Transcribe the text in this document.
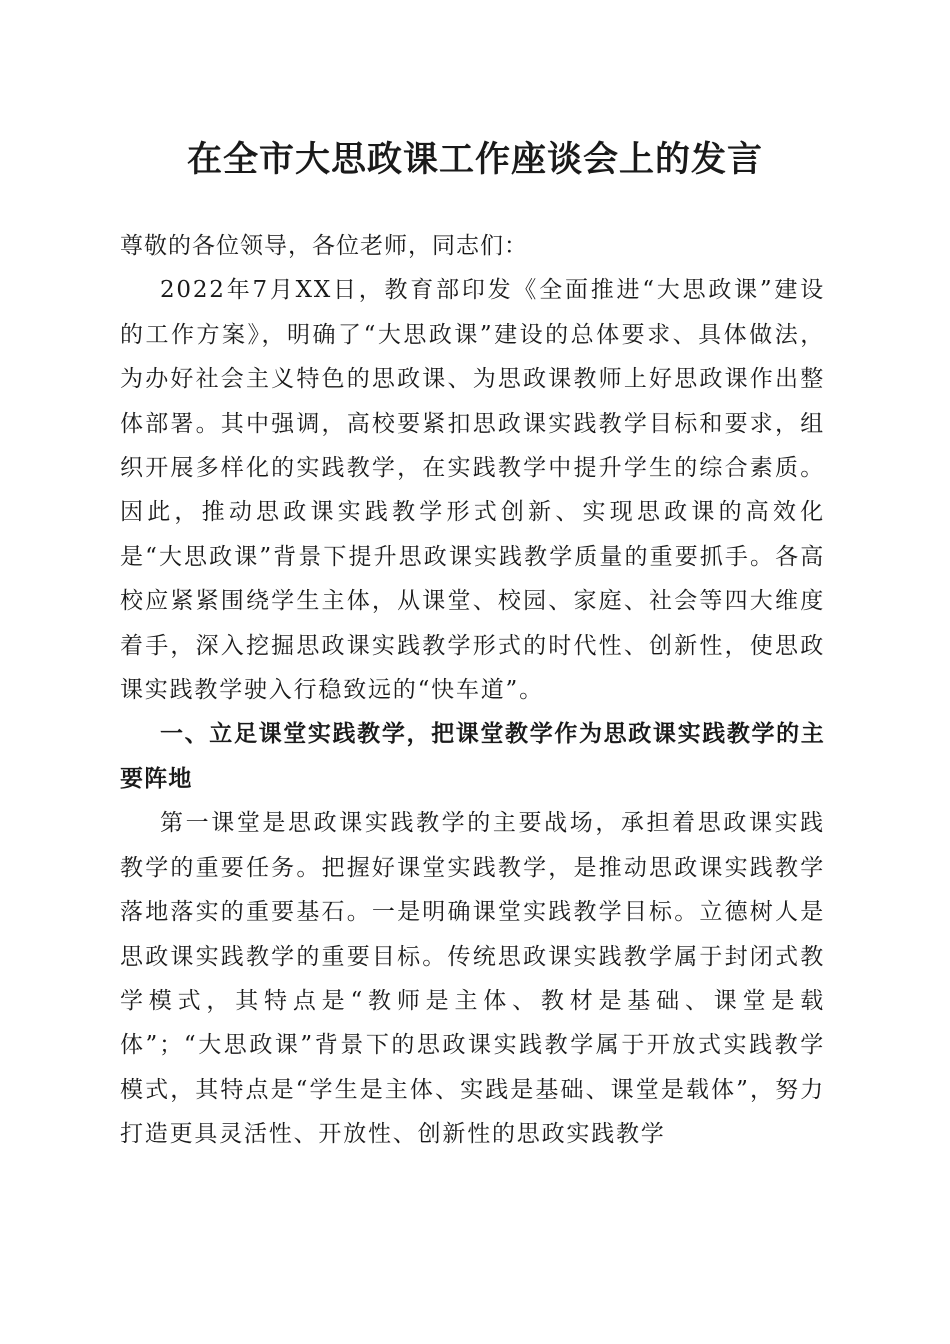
在全市大思政课工作座谈会上的发言

尊敬的各位领导，各位老师，同志们：

2022年7月XX日，教育部印发《全面推进“大思政课”建设的工作方案》，明确了“大思政课”建设的总体要求、具体做法，为办好社会主义特色的思政课、为思政课教师上好思政课作出整体部署。其中强调，高校要紧扣思政课实践教学目标和要求，组织开展多样化的实践教学，在实践教学中提升学生的综合素质。因此，推动思政课实践教学形式创新、实现思政课的高效化是“大思政课”背景下提升思政课实践教学质量的重要抓手。各高校应紧紧围绕学生主体，从课堂、校园、家庭、社会等四大维度着手，深入挖掘思政课实践教学形式的时代性、创新性，使思政课实践教学驶入行稳致远的“快车道”。

一、立足课堂实践教学，把课堂教学作为思政课实践教学的主要阵地

第一课堂是思政课实践教学的主要战场，承担着思政课实践教学的重要任务。把握好课堂实践教学，是推动思政课实践教学落地落实的重要基石。一是明确课堂实践教学目标。立德树人是思政课实践教学的重要目标。传统思政课实践教学属于封闭式教学模式，其特点是“教师是主体、教材是基础、课堂是载体”；“大思政课”背景下的思政课实践教学属于开放式实践教学模式，其特点是“学生是主体、实践是基础、课堂是载体”，努力打造更具灵活性、开放性、创新性的思政实践教学
